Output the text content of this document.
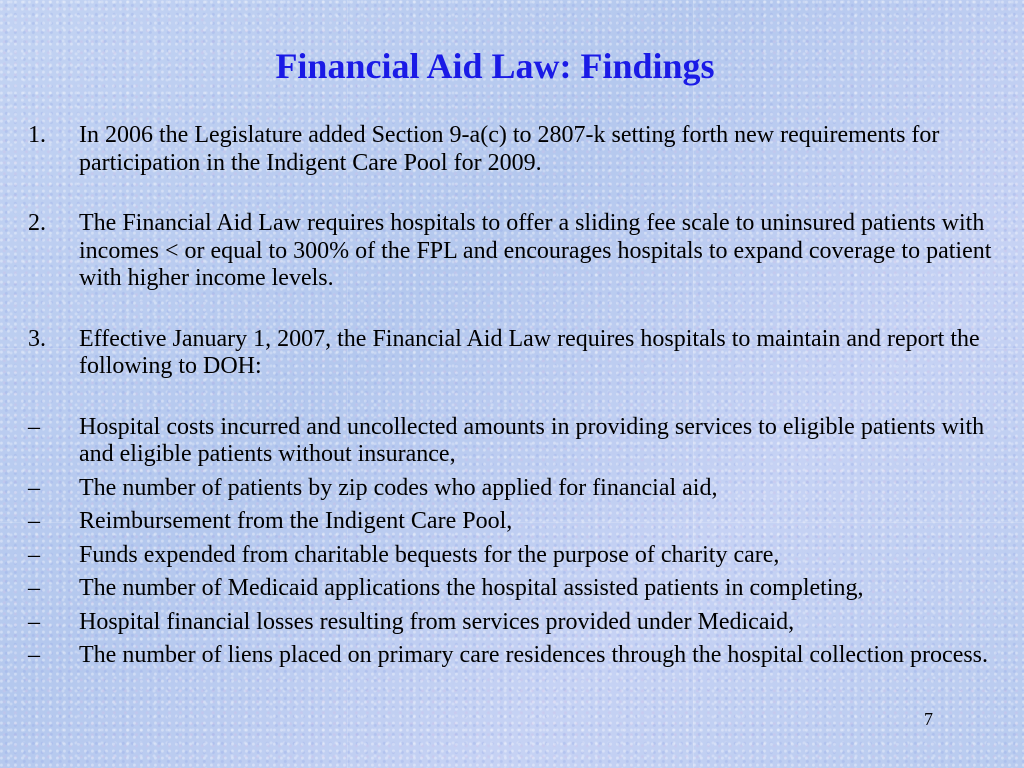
Financial Aid Law: Findings
1.	In 2006 the Legislature added Section 9-a(c) to 2807-k setting forth new requirements for participation in the Indigent Care Pool for 2009.
2.	The Financial Aid Law requires hospitals to offer a sliding fee scale to uninsured patients with incomes < or equal to 300% of the FPL and encourages hospitals to expand coverage to patient with higher income levels.
3.	Effective January 1, 2007, the Financial Aid Law requires hospitals to maintain and report the following to DOH:
–	Hospital costs incurred and uncollected amounts in providing services to eligible patients with and eligible patients without insurance,
–	The number of patients by zip codes who applied for financial aid,
–	Reimbursement from the Indigent Care Pool,
–	Funds expended from charitable bequests for the purpose of charity care,
–	The number of Medicaid applications the hospital assisted patients in completing,
–	Hospital financial losses resulting from services provided under Medicaid,
–	The number of liens placed on primary care residences through the hospital collection process.
7
